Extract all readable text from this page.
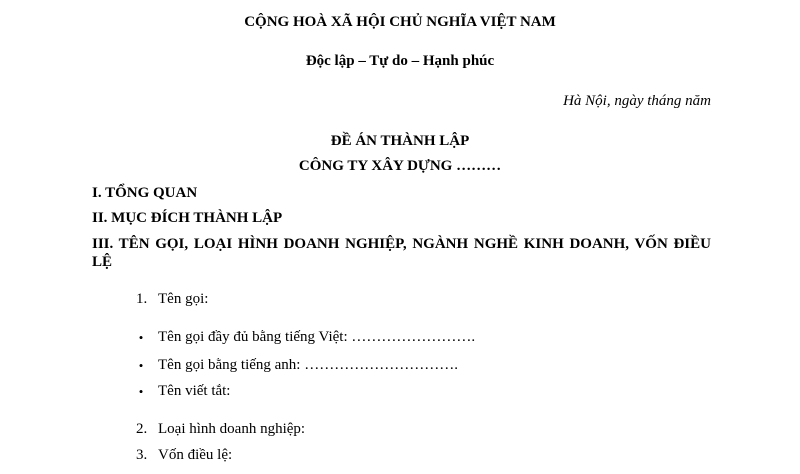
CỘNG HOÀ XÃ HỘI CHỦ NGHĨA VIỆT NAM
Độc lập – Tự do – Hạnh phúc
Hà Nội, ngày tháng năm
ĐỀ ÁN THÀNH LẬP
CÔNG TY XÂY DỰNG ………
I. TỔNG QUAN
II. MỤC ĐÍCH THÀNH LẬP
III. TÊN GỌI, LOẠI HÌNH DOANH NGHIỆP, NGÀNH NGHỀ KINH DOANH, VỐN ĐIỀU LỆ
1. Tên gọi:
• Tên gọi đầy đủ bằng tiếng Việt: …………………….
• Tên gọi bằng tiếng anh: ………………………….
• Tên viết tắt:
2. Loại hình doanh nghiệp:
3. Vốn điều lệ:
